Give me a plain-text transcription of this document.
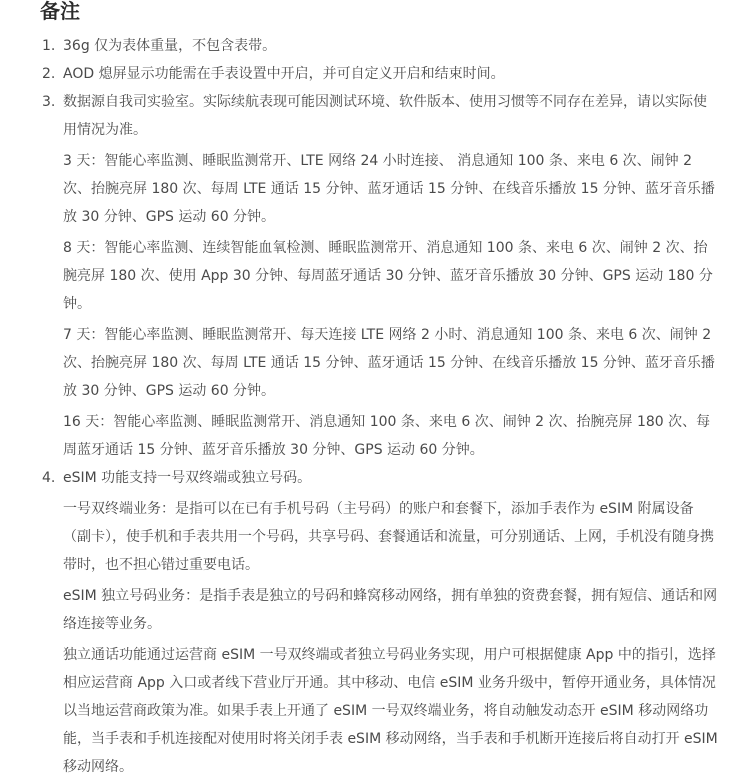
备注
1. 36g 仅为表体重量，不包含表带。
2. AOD 熄屏显示功能需在手表设置中开启，并可自定义开启和结束时间。
3. 数据源自我司实验室。实际续航表现可能因测试环境、软件版本、使用习惯等不同存在差异，请以实际使用情况为准。
3 天：智能心率监测、睡眠监测常开、LTE 网络 24 小时连接、 消息通知 100 条、来电 6 次、闹钟 2 次、抬腕亮屏 180 次、每周 LTE 通话 15 分钟、蓝牙通话 15 分钟、在线音乐播放 15 分钟、蓝牙音乐播放 30 分钟、GPS 运动 60 分钟。
8 天：智能心率监测、连续智能血氧检测、睡眠监测常开、消息通知 100 条、来电 6 次、闹钟 2 次、抬腕亮屏 180 次、使用 App 30 分钟、每周蓝牙通话 30 分钟、蓝牙音乐播放 30 分钟、GPS 运动 180 分钟。
7 天：智能心率监测、睡眠监测常开、每天连接 LTE 网络 2 小时、消息通知 100 条、来电 6 次、闹钟 2 次、抬腕亮屏 180 次、每周 LTE 通话 15 分钟、蓝牙通话 15 分钟、在线音乐播放 15 分钟、蓝牙音乐播放 30 分钟、GPS 运动 60 分钟。
16 天：智能心率监测、睡眠监测常开、消息通知 100 条、来电 6 次、闹钟 2 次、抬腕亮屏 180 次、每周蓝牙通话 15 分钟、蓝牙音乐播放 30 分钟、GPS 运动 60 分钟。
4. eSIM 功能支持一号双终端或独立号码。
一号双终端业务：是指可以在已有手机号码（主号码）的账户和套餐下，添加手表作为 eSIM 附属设备（副卡），使手机和手表共用一个号码，共享号码、套餐通话和流量，可分别通话、上网，手机没有随身携带时，也不担心错过重要电话。
eSIM 独立号码业务：是指手表是独立的号码和蜂窝移动网络，拥有单独的资费套餐，拥有短信、通话和网络连接等业务。
独立通话功能通过运营商 eSIM 一号双终端或者独立号码业务实现，用户可根据健康 App 中的指引，选择相应运营商 App 入口或者线下营业厅开通。其中移动、电信 eSIM 业务升级中，暂停开通业务，具体情况以当地运营商政策为准。如果手表上开通了 eSIM 一号双终端业务，将自动触发动态开 eSIM 移动网络功能，当手表和手机连接配对使用时将关闭手表 eSIM 移动网络，当手表和手机断开连接后将自动打开 eSIM 移动网络。
